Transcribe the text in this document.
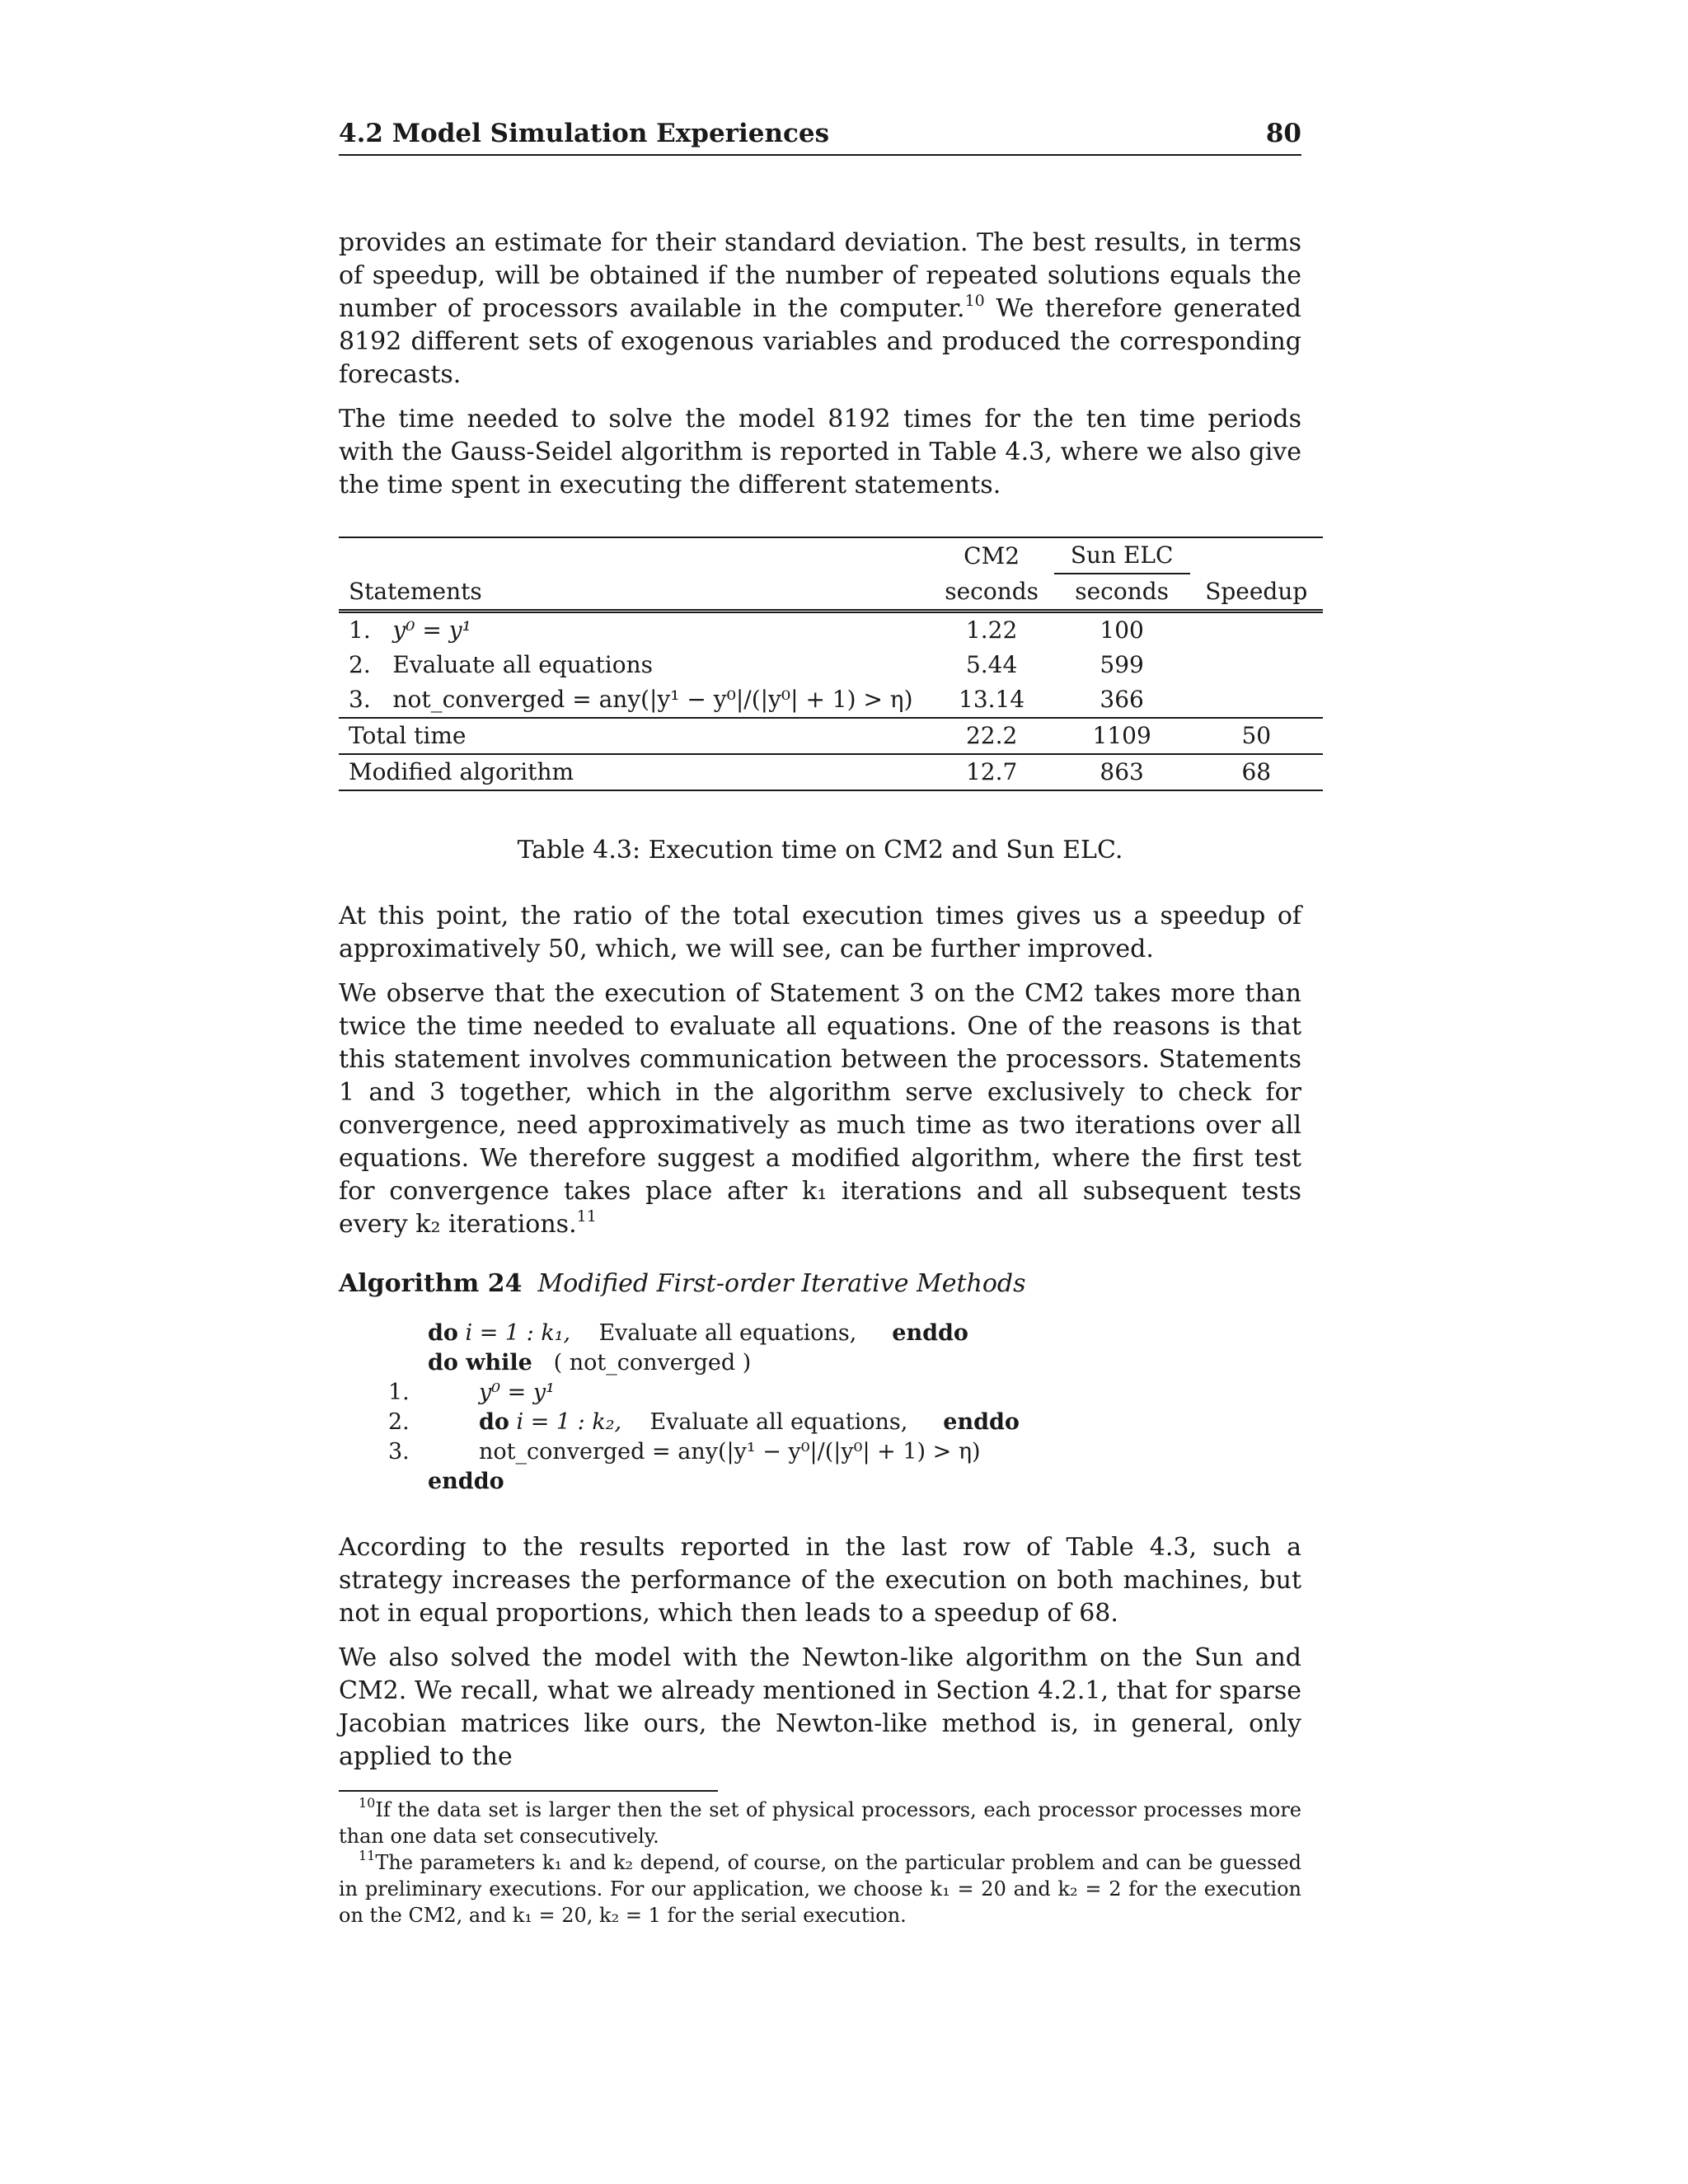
4.2 Model Simulation Experiences	80

provides an estimate for their standard deviation. The best results, in terms of speedup, will be obtained if the number of repeated solutions equals the number of processors available in the computer.$^{10}$ We therefore generated 8192 different sets of exogenous variables and produced the corresponding forecasts.

The time needed to solve the model 8192 times for the ten time periods with the Gauss-Seidel algorithm is reported in Table 4.3, where we also give the time spent in executing the different statements.

	CM2	Sun ELC	
Statements	seconds	seconds	Speedup
1. y⁰ = y¹	1.22	100	
2. Evaluate all equations	5.44	599	
3. not_converged = any(|y¹ − y⁰|/(|y⁰| + 1) > η)	13.14	366	
Total time	22.2	1109	50
Modified algorithm	12.7	863	68
Table 4.3: Execution time on CM2 and Sun ELC.

At this point, the ratio of the total execution times gives us a speedup of approximatively 50, which, we will see, can be further improved.

We observe that the execution of Statement 3 on the CM2 takes more than twice the time needed to evaluate all equations. One of the reasons is that this statement involves communication between the processors. Statements 1 and 3 together, which in the algorithm serve exclusively to check for convergence, need approximatively as much time as two iterations over all equations. We therefore suggest a modified algorithm, where the first test for convergence takes place after k₁ iterations and all subsequent tests every k₂ iterations.$^{11}$

Algorithm 24 Modified First-order Iterative Methods
do i = 1 : k₁, Evaluate all equations, enddo
do while ( not_converged )
1.	y⁰ = y¹
2.	do i = 1 : k₂, Evaluate all equations, enddo
3.	not_converged = any(|y¹ − y⁰|/(|y⁰| + 1) > η)
enddo

According to the results reported in the last row of Table 4.3, such a strategy increases the performance of the execution on both machines, but not in equal proportions, which then leads to a speedup of 68.

We also solved the model with the Newton-like algorithm on the Sun and CM2. We recall, what we already mentioned in Section 4.2.1, that for sparse Jacobian matrices like ours, the Newton-like method is, in general, only applied to the

$^{10}$If the data set is larger then the set of physical processors, each processor processes more than one data set consecutively.

$^{11}$The parameters k₁ and k₂ depend, of course, on the particular problem and can be guessed in preliminary executions. For our application, we choose k₁ = 20 and k₂ = 2 for the execution on the CM2, and k₁ = 20, k₂ = 1 for the serial execution.
